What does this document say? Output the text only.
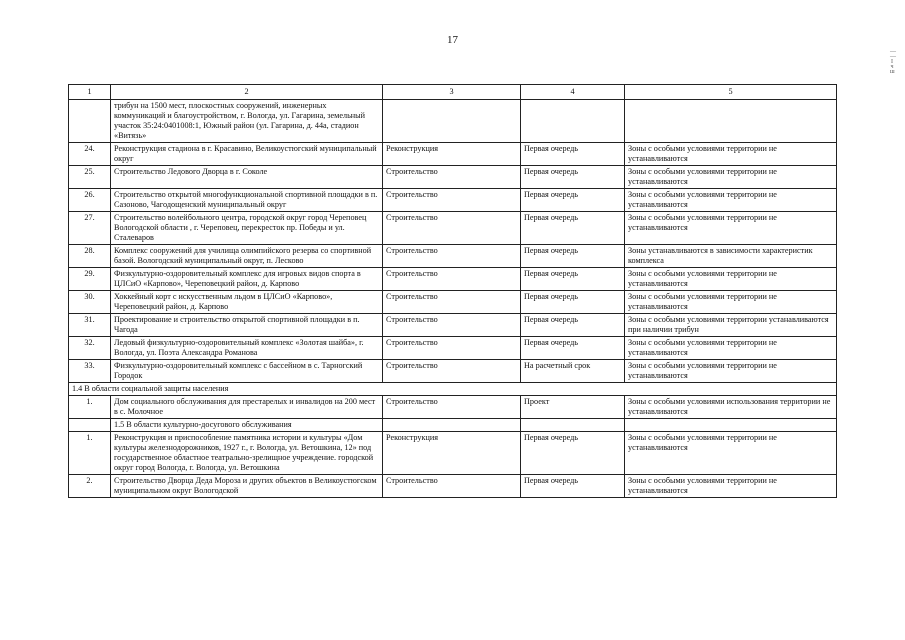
17
— — I ч ш
1	2	3	4	5
	трибун на 1500 мест, плоскостных сооружений, инженерных коммуникаций и благоустройством, г. Вологда, ул. Гагарина, земельный участок 35:24:0401008:1, Южный район (ул. Гагарина, д. 44а, стадион «Витязь»			
24.	Реконструкция стадиона в г. Красавино, Великоустюгский муниципальный округ	Реконструкция	Первая очередь	Зоны с особыми условиями территории не устанавливаются
25.	Строительство Ледового Дворца в г. Соколе	Строительство	Первая очередь	Зоны с особыми условиями территории не устанавливаются
26.	Строительство открытой многофункциональной спортивной площадки в п. Сазоново, Чагодощенский муниципальный округ	Строительство	Первая очередь	Зоны с особыми условиями территории не устанавливаются
27.	Строительство волейбольного центра, городской округ город Череповец Вологодской области , г. Череповец, перекресток пр. Победы и ул. Сталеваров	Строительство	Первая очередь	Зоны с особыми условиями территории не устанавливаются
28.	Комплекс сооружений для училища олимпийского резерва со спортивной базой. Вологодский муниципальный округ, п. Лесково	Строительство	Первая очередь	Зоны устанавливаются в зависимости характеристик комплекса
29.	Физкультурно-оздоровительный комплекс для игровых видов спорта в ЦЛСиО «Карпово», Череповецкий район, д. Карпово	Строительство	Первая очередь	Зоны с особыми условиями территории не устанавливаются
30.	Хоккейный корт с искусственным льдом в ЦЛСиО «Карпово», Череповецкий район, д. Карпово	Строительство	Первая очередь	Зоны с особыми условиями территории не устанавливаются
31.	Проектирование и строительство открытой спортивной площадки в п. Чагода	Строительство	Первая очередь	Зоны с особыми условиями территории устанавливаются при наличии трибун
32.	Ледовый физкультурно-оздоровительный комплекс «Золотая шайба», г. Вологда, ул. Поэта Александра Романова	Строительство	Первая очередь	Зоны с особыми условиями территории не устанавливаются
33.	Физкультурно-оздоровительный комплекс с бассейном в с. Тарногский Городок	Строительство	На расчетный срок	Зоны с особыми условиями территории не устанавливаются
1.4 В области социальной защиты населения				
1.	Дом социального обслуживания для престарелых и инвалидов на 200 мест в с. Молочное	Строительство	Проект	Зоны с особыми условиями использования территории не устанавливаются
	1.5 В области культурно-досугового обслуживания			
1.	Реконструкция и приспособление памятника истории и культуры «Дом культуры железнодорожников, 1927 г., г. Вологда, ул. Ветошкина, 12» под государственное областное театрально-зрелищное учреждение. городской округ город Вологда, г. Вологда, ул. Ветошкина	Реконструкция	Первая очередь	Зоны с особыми условиями территории не устанавливаются
2.	Строительство Дворца Деда Мороза и других объектов в Великоустюгском муниципальном округ Вологодской	Строительство	Первая очередь	Зоны с особыми условиями территории не устанавливаются
